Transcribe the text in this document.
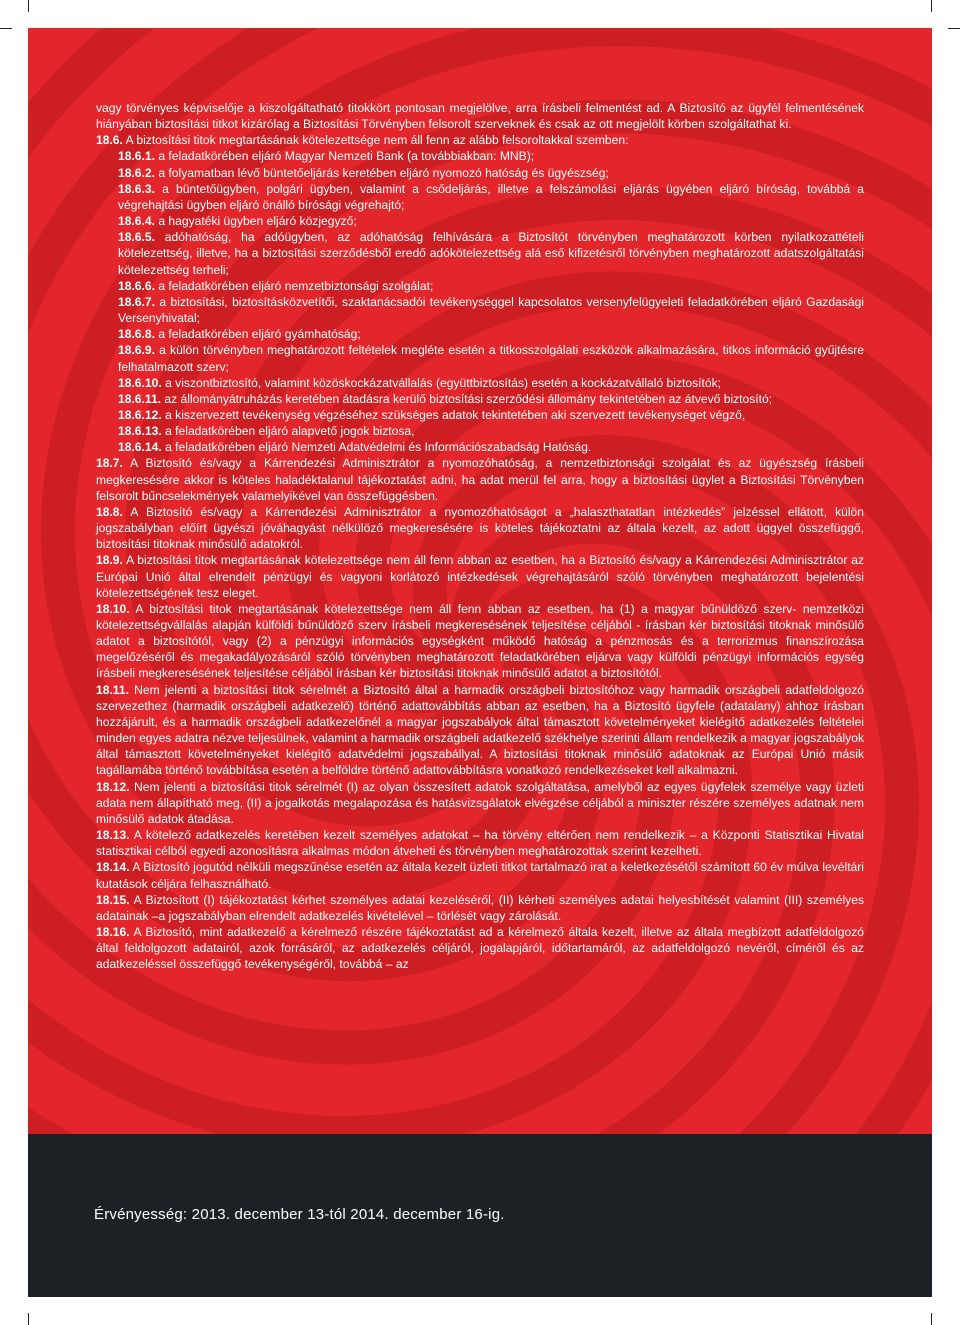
vagy törvényes képviselője a kiszolgáltatható titokkört pontosan megjelölve, arra írásbeli felmentést ad. A Biztosító az ügyfél felmentésének hiányában biztosítási titkot kizárólag a Biztosítási Törvényben felsorolt szerveknek és csak az ott megjelölt körben szolgáltathat ki.

18.6. A biztosítási titok megtartásának kötelezettsége nem áll fenn az alább felsoroltakkal szemben:

18.6.1. a feladatkörében eljáró Magyar Nemzeti Bank (a továbbiakban: MNB);

18.6.2. a folyamatban lévő büntetőeljárás keretében eljáró nyomozó hatóság és ügyészség;

18.6.3. a büntetőügyben, polgári ügyben, valamint a csődeljárás, illetve a felszámolási eljárás ügyében eljáró bíróság, továbbá a végrehajtási ügyben eljáró önálló bírósági végrehajtó;

18.6.4. a hagyatéki ügyben eljáró közjegyző;

18.6.5. adóhatóság, ha adóügyben, az adóhatóság felhívására a Biztosítót törvényben meghatározott körben nyilatkozattételi kötelezettség, illetve, ha a biztosítási szerződésből eredő adókötelezettség alá eső kifizetésről törvényben meghatározott adatszolgáltatási kötelezettség terheli;

18.6.6. a feladatkörében eljáró nemzetbiztonsági szolgálat;

18.6.7. a biztosítási, biztosításközvetítői, szaktanácsadói tevékenységgel kapcsolatos versenyfelügyeleti feladatkörében eljáró Gazdasági Versenyhivatal;

18.6.8. a feladatkörében eljáró gyámhatóság;

18.6.9. a külön törvényben meghatározott feltételek megléte esetén a titkosszolgálati eszközök alkalmazására, titkos információ gyűjtésre felhatalmazott szerv;

18.6.10. a viszontbiztosító, valamint közöskockázatvállalás (együttbiztosítás) esetén a kockázatvállaló biztosítók;

18.6.11. az állományátruházás keretében átadásra kerülő biztosítási szerződési állomány tekintetében az átvevő biztosító;

18.6.12. a kiszervezett tevékenység végzéséhez szükséges adatok tekintetében aki szervezett tevékenységet végző,

18.6.13. a feladatkörében eljáró alapvető jogok biztosa,

18.6.14. a feladatkörében eljáró Nemzeti Adatvédelmi és Információszabadság Hatóság.

18.7. A Biztosító és/vagy a Kárrendezési Adminisztrátor a nyomozóhatóság, a nemzetbiztonsági szolgálat és az ügyészség írásbeli megkeresésére akkor is köteles haladéktalanul tájékoztatást adni, ha adat merül fel arra, hogy a biztosítási ügylet a Biztosítási Törvényben felsorolt bűncselekmények valamelyikével van összefüggésben.

18.8. A Biztosító és/vagy a Kárrendezési Adminisztrátor a nyomozóhatóságot a „halaszthatatlan intézkedés” jelzéssel ellátott, külön jogszabályban előírt ügyészi jóváhagyást nélkülöző megkeresésére is köteles tájékoztatni az általa kezelt, az adott üggyel összefüggő, biztosítási titoknak minősülő adatokról.

18.9. A biztosítási titok megtartásának kötelezettsége nem áll fenn abban az esetben, ha a Biztosító és/vagy a Kárrendezési Adminisztrátor az Európai Unió által elrendelt pénzügyi és vagyoni korlátozó intézkedések végrehajtásáról szóló törvényben meghatározott bejelentési kötelezettségének tesz eleget.

18.10. A biztosítási titok megtartásának kötelezettsége nem áll fenn abban az esetben, ha (1) a magyar bűnüldöző szerv- nemzetközi kötelezettségvállalás alapján külföldi bűnüldöző szerv írásbeli megkeresésének teljesítése céljából - írásban kér biztosítási titoknak minősülő adatot a biztosítótól, vagy (2) a pénzügyi információs egységként működő hatóság a pénzmosás és a terrorizmus finanszírozása megelőzéséről és megakadályozásáról szóló törvényben meghatározott feladatkörében eljárva vagy külföldi pénzügyi információs egység írásbeli megkeresésének teljesítése céljából írásban kér biztosítási titoknak minősülő adatot a biztosítótól.

18.11. Nem jelenti a biztosítási titok sérelmét a Biztosító által a harmadik országbeli biztosítóhoz vagy harmadik országbeli adatfeldolgozó szervezethez (harmadik országbeli adatkezelő) történő adattovábbítás abban az esetben, ha a Biztosító ügyfele (adatalany) ahhoz írásban hozzájárult, és a harmadik országbeli adatkezelőnél a magyar jogszabályok által támasztott követelményeket kielégítő adatkezelés feltételei minden egyes adatra nézve teljesülnek, valamint a harmadik országbeli adatkezelő székhelye szerinti állam rendelkezik a magyar jogszabályok által támasztott követelményeket kielégítő adatvédelmi jogszabállyal. A biztosítási titoknak minősülő adatoknak az Európai Unió másik tagállamába történő továbbítása esetén a belföldre történő adattovábbításra vonatkozó rendelkezéseket kell alkalmazni.

18.12. Nem jelenti a biztosítási titok sérelmét (I) az olyan összesített adatok szolgáltatása, amelyből az egyes ügyfelek személye vagy üzleti adata nem állapítható meg, (II) a jogalkotás megalapozása és hatásvizsgálatok elvégzése céljából a miniszter részére személyes adatnak nem minősülő adatok átadása.

18.13. A kötelező adatkezelés keretében kezelt személyes adatokat – ha törvény eltérően nem rendelkezik – a Központi Statisztikai Hivatal statisztikai célból egyedi azonosításra alkalmas módon átveheti és törvényben meghatározottak szerint kezelheti.

18.14. A Biztosító jogutód nélküli megszűnése esetén az általa kezelt üzleti titkot tartalmazó irat a keletkezésétől számított 60 év múlva levéltári kutatások céljára felhasználható.

18.15. A Biztosított (I) tájékoztatást kérhet személyes adatai kezeléséről, (II) kérheti személyes adatai helyesbítését valamint (III) személyes adatainak –a jogszabályban elrendelt adatkezelés kivételével – törlését vagy zárolását.

18.16. A Biztosító, mint adatkezelő a kérelmező részére tájékoztatást ad a kérelmező általa kezelt, illetve az általa megbízott adatfeldolgozó által feldolgozott adatairól, azok forrásáról, az adatkezelés céljáról, jogalapjáról, időtartamáról, az adatfeldolgozó nevéről, címéről és az adatkezeléssel összefüggő tevékenységéről, továbbá – az

Érvényesség: 2013. december 13-tól 2014. december 16-ig.
